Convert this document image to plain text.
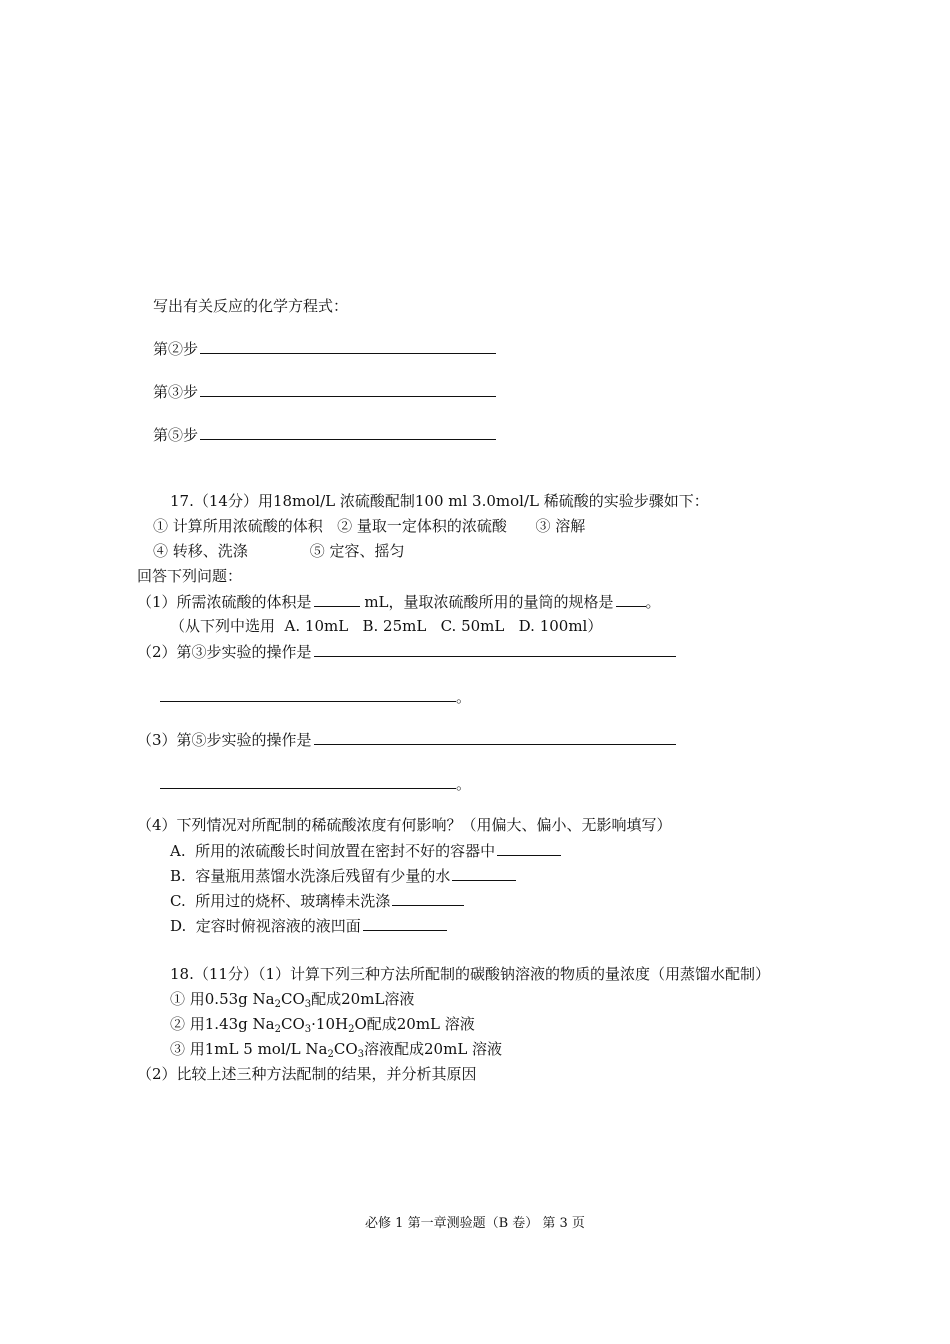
写出有关反应的化学方程式：
第②步
第③步
第⑤步
17.（14分）用18mol/L 浓硫酸配制100 ml 3.0mol/L 稀硫酸的实验步骤如下：
① 计算所用浓硫酸的体积   ② 量取一定体积的浓硫酸      ③ 溶解
④ 转移、洗涤             ⑤ 定容、摇匀
回答下列问题：
（1）所需浓硫酸的体积是	mL，量取浓硫酸所用的量筒的规格是 。
（从下列中选用  A. 10mL   B. 25mL   C. 50mL   D. 100ml）
（2）第③步实验的操作是
。
（3）第⑤步实验的操作是
。
（4）下列情况对所配制的稀硫酸浓度有何影响？（用偏大、偏小、无影响填写）
A.  所用的浓硫酸长时间放置在密封不好的容器中
B.  容量瓶用蒸馏水洗涤后残留有少量的水
C.  所用过的烧杯、玻璃棒未洗涤
D.  定容时俯视溶液的液凹面
18.（11分）（1）计算下列三种方法所配制的碳酸钠溶液的物质的量浓度（用蒸馏水配制）
① 用0.53g $Na_2CO_3$配成20mL溶液
② 用1.43g $Na_2CO_3\cdot 10H_2O$配成20mL 溶液
③ 用1mL 5 mol/L $Na_2CO_3$溶液配成20mL 溶液
（2）比较上述三种方法配制的结果，并分析其原因
必修 1 第一章测验题（B 卷） 第 3 页
